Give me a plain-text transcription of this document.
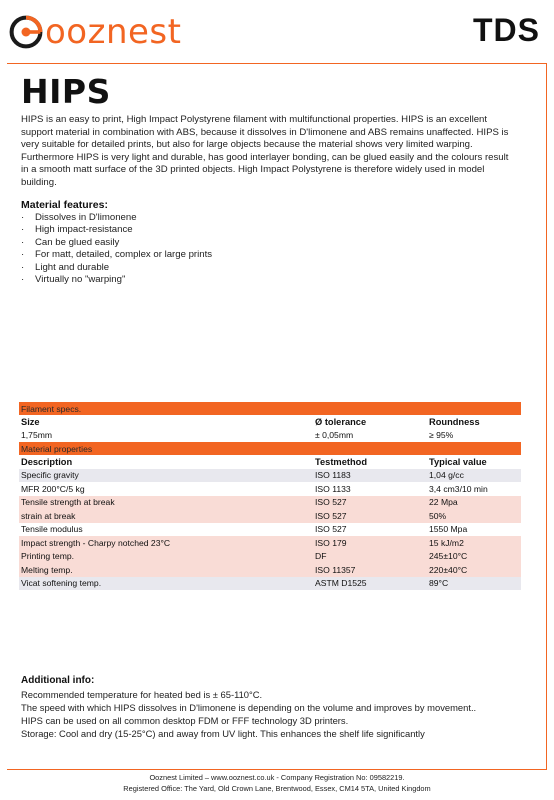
ooznest	TDS
HIPS
HIPS is an easy to print, High Impact Polystyrene filament with multifunctional properties. HIPS is an excellent support material in combination with ABS, because it dissolves in D'limonene and ABS remains unaffected. HIPS is very suitable for detailed prints, but also for large objects because the material shows very limited warping. Furthermore HIPS is very light and durable, has good interlayer bonding, can be glued easily and the colours result in a smooth matt surface of the 3D printed objects. High Impact Polystyrene is therefore widely used in model building.
Material features:
·	Dissolves in D'limonene
·	High impact-resistance
·	Can be glued easily
·	For matt, detailed, complex or large prints
·	Light and durable
·	Virtually no "warping"
Filament specs.		
Size	Ø tolerance	Roundness
1,75mm	± 0,05mm	≥ 95%
Material properties		
Description	Testmethod	Typical value
Specific gravity	ISO 1183	1,04 g/cc
MFR 200°C/5 kg	ISO 1133	3,4 cm3/10 min
Tensile strength at break	ISO 527	22 Mpa
strain at break	ISO 527	50%
Tensile modulus	ISO 527	1550 Mpa
Impact strength - Charpy notched 23°C	ISO 179	15 kJ/m2
Printing temp.	DF	245±10°C
Melting temp.	ISO 11357	220±40°C
Vicat softening temp.	ASTM D1525	89°C
Additional info:
Recommended temperature for heated bed is ± 65-110°C.
The speed with which HIPS dissolves in D'limonene is depending on the volume and improves by movement..
HIPS can be used on all common desktop FDM or FFF technology 3D printers.
Storage: Cool and dry (15-25°C) and away from UV light. This enhances the shelf life significantly
Ooznest Limited – www.ooznest.co.uk - Company Registration No: 09582219.
Registered Office: The Yard, Old Crown Lane, Brentwood, Essex, CM14 5TA, United Kingdom
